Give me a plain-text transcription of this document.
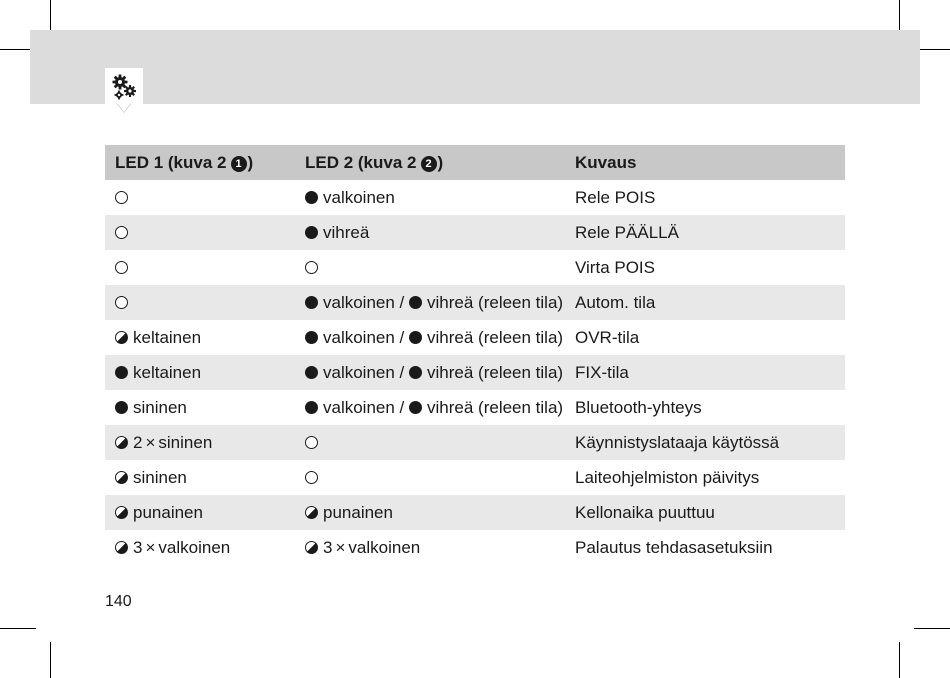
LED 1 (kuva 2 1 )	LED 2 (kuva 2 2 )	Kuvaus
	valkoinen	Rele POIS
	vihreä	Rele PÄÄLLÄ
		Virta POIS
	valkoinen / vihreä (releen tila)	Autom. tila
keltainen	valkoinen / vihreä (releen tila)	OVR-tila
keltainen	valkoinen / vihreä (releen tila)	FIX-tila
sininen	valkoinen / vihreä (releen tila)	Bluetooth-yhteys
2 × sininen		Käynnistyslataaja käytössä
sininen		Laiteohjelmiston päivitys
punainen	punainen	Kellonaika puuttuu
3 × valkoinen	3 × valkoinen	Palautus tehdasasetuksiin
140
